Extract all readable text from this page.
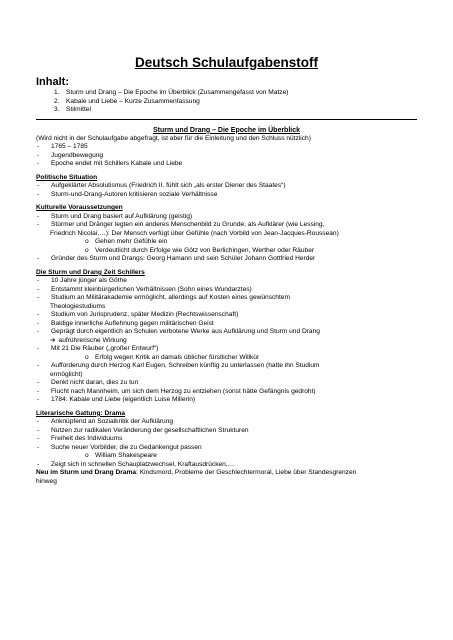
Deutsch Schulaufgabenstoff

Inhalt:

1. Sturm und Drang – Die Epoche im Überblick (Zusammengefasst von Matze)
2. Kabale und Liebe – Kurze Zusammenfassung
3. Stilmittel

Sturm und Drang – Die Epoche im Überblick

(Wird nicht in der Schulaufgabe abgefragt, ist aber für die Einleitung und den Schluss nützlich)

-	1765 – 1785
-	Jugendbewegung
-	Epoche endet mit Schillers Kabale und Liebe

Politische Situation

-	Aufgeklärter Absolutismus (Friedrich II. fühlt sich „als erster Diener des Staates“)
-	Sturm-und-Drang-Autoren kritisieren soziale Verhältnisse

Kulturelle Voraussetzungen

-	Sturm und Drang basiert auf Aufklärung (geistig)
-	Stürmer und Dränger legten ein anderes Menschenbild zu Grunde, als Aufklärer (wie Lessing,
Friedrich Nicolai,…): Der Mensch verfügt über Gefühle (nach Vorbild von Jean-Jacques-Roussean)
o Gehen mehr Gefühle ein
o Verdeutlicht durch Erfolge wie Götz von Berlichingen, Werther oder Räuber
-	Gründer des Sturm und Drangs: Georg Hamann und sein Schüler Johann Gottfried Herder

Die Sturm und Drang Zeit Schillers

-	10 Jahre jünger als Göthe
-	Entstammt kleinbürgerlichen Verhältnissen (Sohn eines Wundarztes)
-	Studium an Militärakademie ermöglicht, allerdings auf Kosten eines gewünschtem
Theologiestudiums
-	Studium von Jurisprudenz, später Medizin (Rechtswissenschaft)
-	Baldige innerliche Auflehnung gegen militärischen Geist
-	Geprägt durch eigentlich an Schulen verbotene Werke aus Aufklärung und Sturm und Drang
➔ aufrührerische Wirkung
-	Mit 21 Die Räuber („großer Entwurf“)
o Erfolg wegen Kritik an damals üblicher fürstlicher Willkür
-	Aufforderung durch Herzog Karl Eugen, Schreiben künftig zu unterlassen (hatte ihn Studium
ermöglicht)
-	Denkt nicht daran, dies zu tun
-	Flucht nach Mannheim, um sich dem Herzog zu entziehen (sonst hätte Gefängnis gedroht)
-	1784: Kabale und Liebe (eigentlich Luise Millerin)

Literarische Gattung: Drama

-	Anknüpfend an Sozialkritik der Aufklärung
-	Nutzen zur radikalen Veränderung der gesellschaftlichen Strukturen
-	Freiheit des Individuums
-	Suche neuer Vorbilder, die zu Gedankengut passen
o William Shakespeare
-	Zeigt sich in schnellen Schauplatzwechsel, Kraftausdrücken,…

Neu im Sturm und Drang Drama: Kindsmord, Probleme der Geschlechtermoral, Liebe über Standesgrenzen

hinweg
